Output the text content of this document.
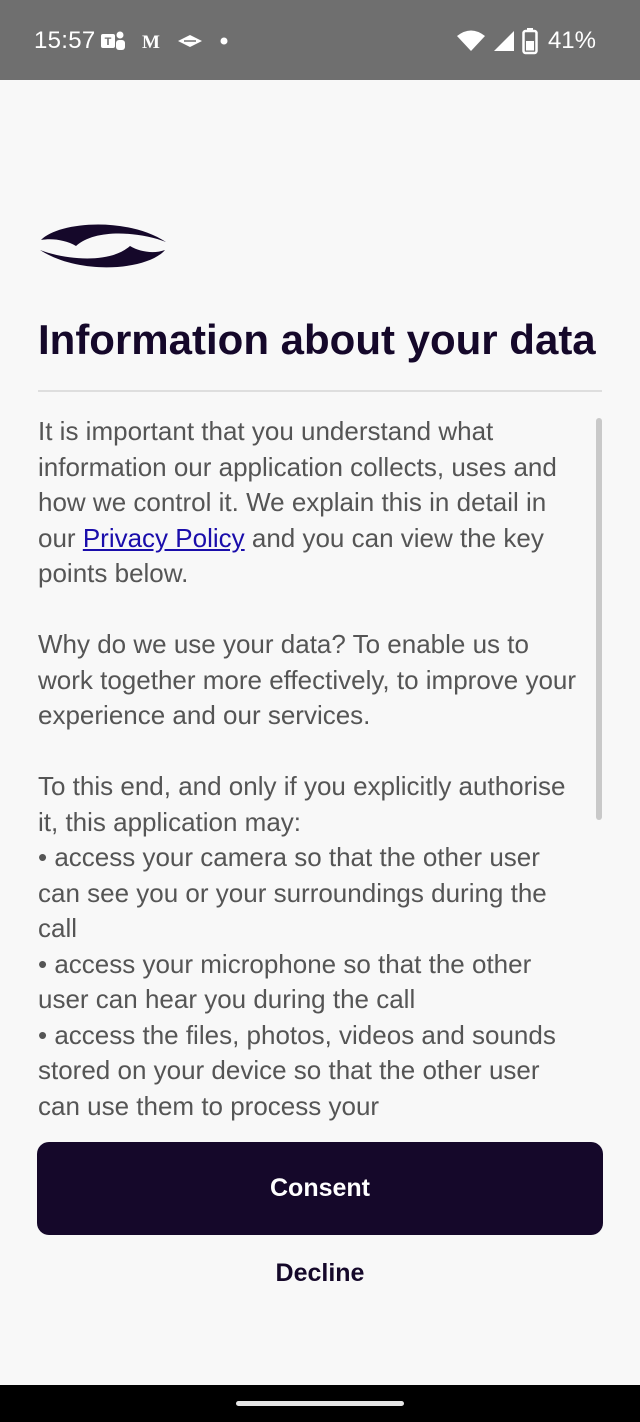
15:57 T M	41%
Information about your data

It is important that you understand what information our application collects, uses and how we control it. We explain this in detail in our Privacy Policy and you can view the key points below.

Why do we use your data? To enable us to work together more effectively, to improve your experience and our services.

To this end, and only if you explicitly authorise it, this application may:

• access your camera so that the other user can see you or your surroundings during the call

• access your microphone so that the other user can hear you during the call

• access the files, photos, videos and sounds stored on your device so that the other user can use them to process your

Consent
Decline
